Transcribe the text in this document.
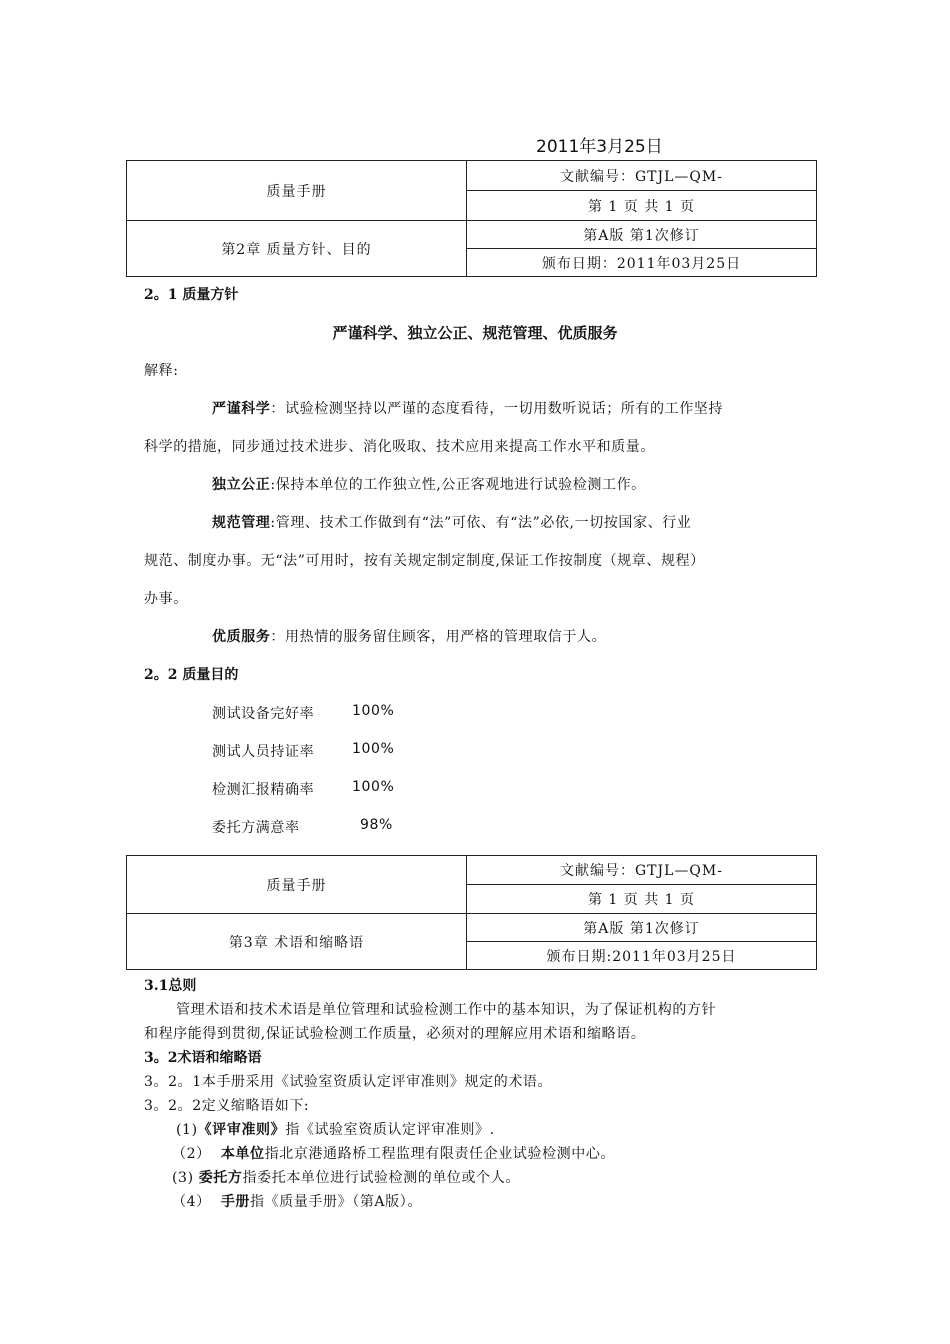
2011年3月25日
质量手册	文献编号：GTJL—QM-
	第 1 页 共 1 页
第2章 质量方针、目的	第A版 第1次修订
	颁布日期：2011年03月25日
2。1 质量方针
严谨科学、独立公正、规范管理、优质服务
解释:
严谨科学：试验检测坚持以严谨的态度看待，一切用数听说话；所有的工作坚持
科学的措施，同步通过技术进步、消化吸取、技术应用来提高工作水平和质量。
独立公正:保持本单位的工作独立性,公正客观地进行试验检测工作。
规范管理:管理、技术工作做到有“法”可依、有“法”必依,一切按国家、行业
规范、制度办事。无“法”可用时，按有关规定制定制度,保证工作按制度（规章、规程）
办事。
优质服务：用热情的服务留住顾客，用严格的管理取信于人。
2。2 质量目的
测试设备完好率	100%
测试人员持证率	100%
检测汇报精确率	100%
委托方满意率	98%
质量手册	文献编号：GTJL—QM-
	第 1 页 共 1 页
第3章 术语和缩略语	第A版 第1次修订
	颁布日期:2011年03月25日
3.1总则
管理术语和技术术语是单位管理和试验检测工作中的基本知识，为了保证机构的方针
和程序能得到贯彻,保证试验检测工作质量，必须对的理解应用术语和缩略语。
3。2术语和缩略语
3。2。1本手册采用《试验室资质认定评审准则》规定的术语。
3。2。2定义缩略语如下:
(1)《评审准则》指《试验室资质认定评审准则》.
（2） 本单位指北京港通路桥工程监理有限责任企业试验检测中心。
(3) 委托方指委托本单位进行试验检测的单位或个人。
（4） 手册指《质量手册》（第A版）。
